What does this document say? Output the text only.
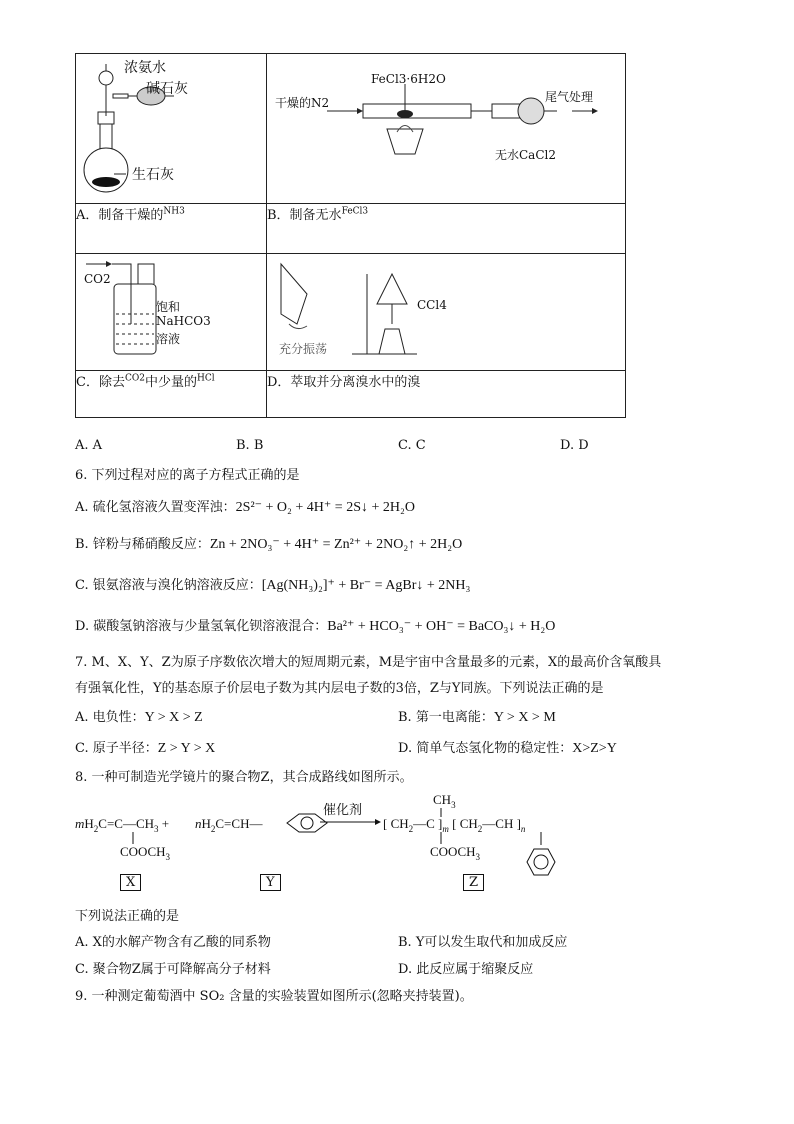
浓氨水
碱石灰
生石灰	FeCl3·6H2O
干燥的N2 尾气处理
无水CaCl2

A．制备干燥的$^{NH3}$	B．制备无水$^{FeCl3}$

CO2
饱和
NaHCO3
溶液	CCl4
充分振荡

C．除去$^{CO2}$中少量的$^{HCl}$	D．萃取并分离溴水中的溴
A. A	B. B	C. C	D. D
6. 下列过程对应的离子方程式正确的是
A. 硫化氢溶液久置变浑浊：2S²⁻ + O₂ + 4H⁺ = 2S↓ + 2H₂O
B. 锌粉与稀硝酸反应：Zn + 2NO₃⁻ + 4H⁺ = Zn²⁺ + 2NO₂↑ + 2H₂O
C. 银氨溶液与溴化钠溶液反应：[Ag(NH₃)₂]⁺ + Br⁻ = AgBr↓ + 2NH₃
D. 碳酸氢钠溶液与少量氢氧化钡溶液混合：Ba²⁺ + HCO₃⁻ + OH⁻ = BaCO₃↓ + H₂O
7. M、X、Y、Z为原子序数依次增大的短周期元素，M是宇宙中含量最多的元素，X的最高价含氧酸具
有强氧化性，Y的基态原子价层电子数为其内层电子数的3倍，Z与Y同族。下列说法正确的是
A. 电负性：Y > X > Z	B. 第一电离能：Y > X > M
C. 原子半径：Z > Y > X	D. 简单气态氢化物的稳定性：X>Z>Y
8. 一种可制造光学镜片的聚合物Z，其合成路线如图所示。
$mH_2C=C—CH_3$ +
$COOCH_3$
$nH_2C=CH—$
催化剂
[ $CH_2—C$ ]$_m$ [ $CH_2—CH$ ]$_n$
$CH_3$
$COOCH_3$
X	Y	Z
下列说法正确的是
A. X的水解产物含有乙酸的同系物	B. Y可以发生取代和加成反应
C. 聚合物Z属于可降解高分子材料	D. 此反应属于缩聚反应
9. 一种测定葡萄酒中 SO₂ 含量的实验装置如图所示(忽略夹持装置)。
